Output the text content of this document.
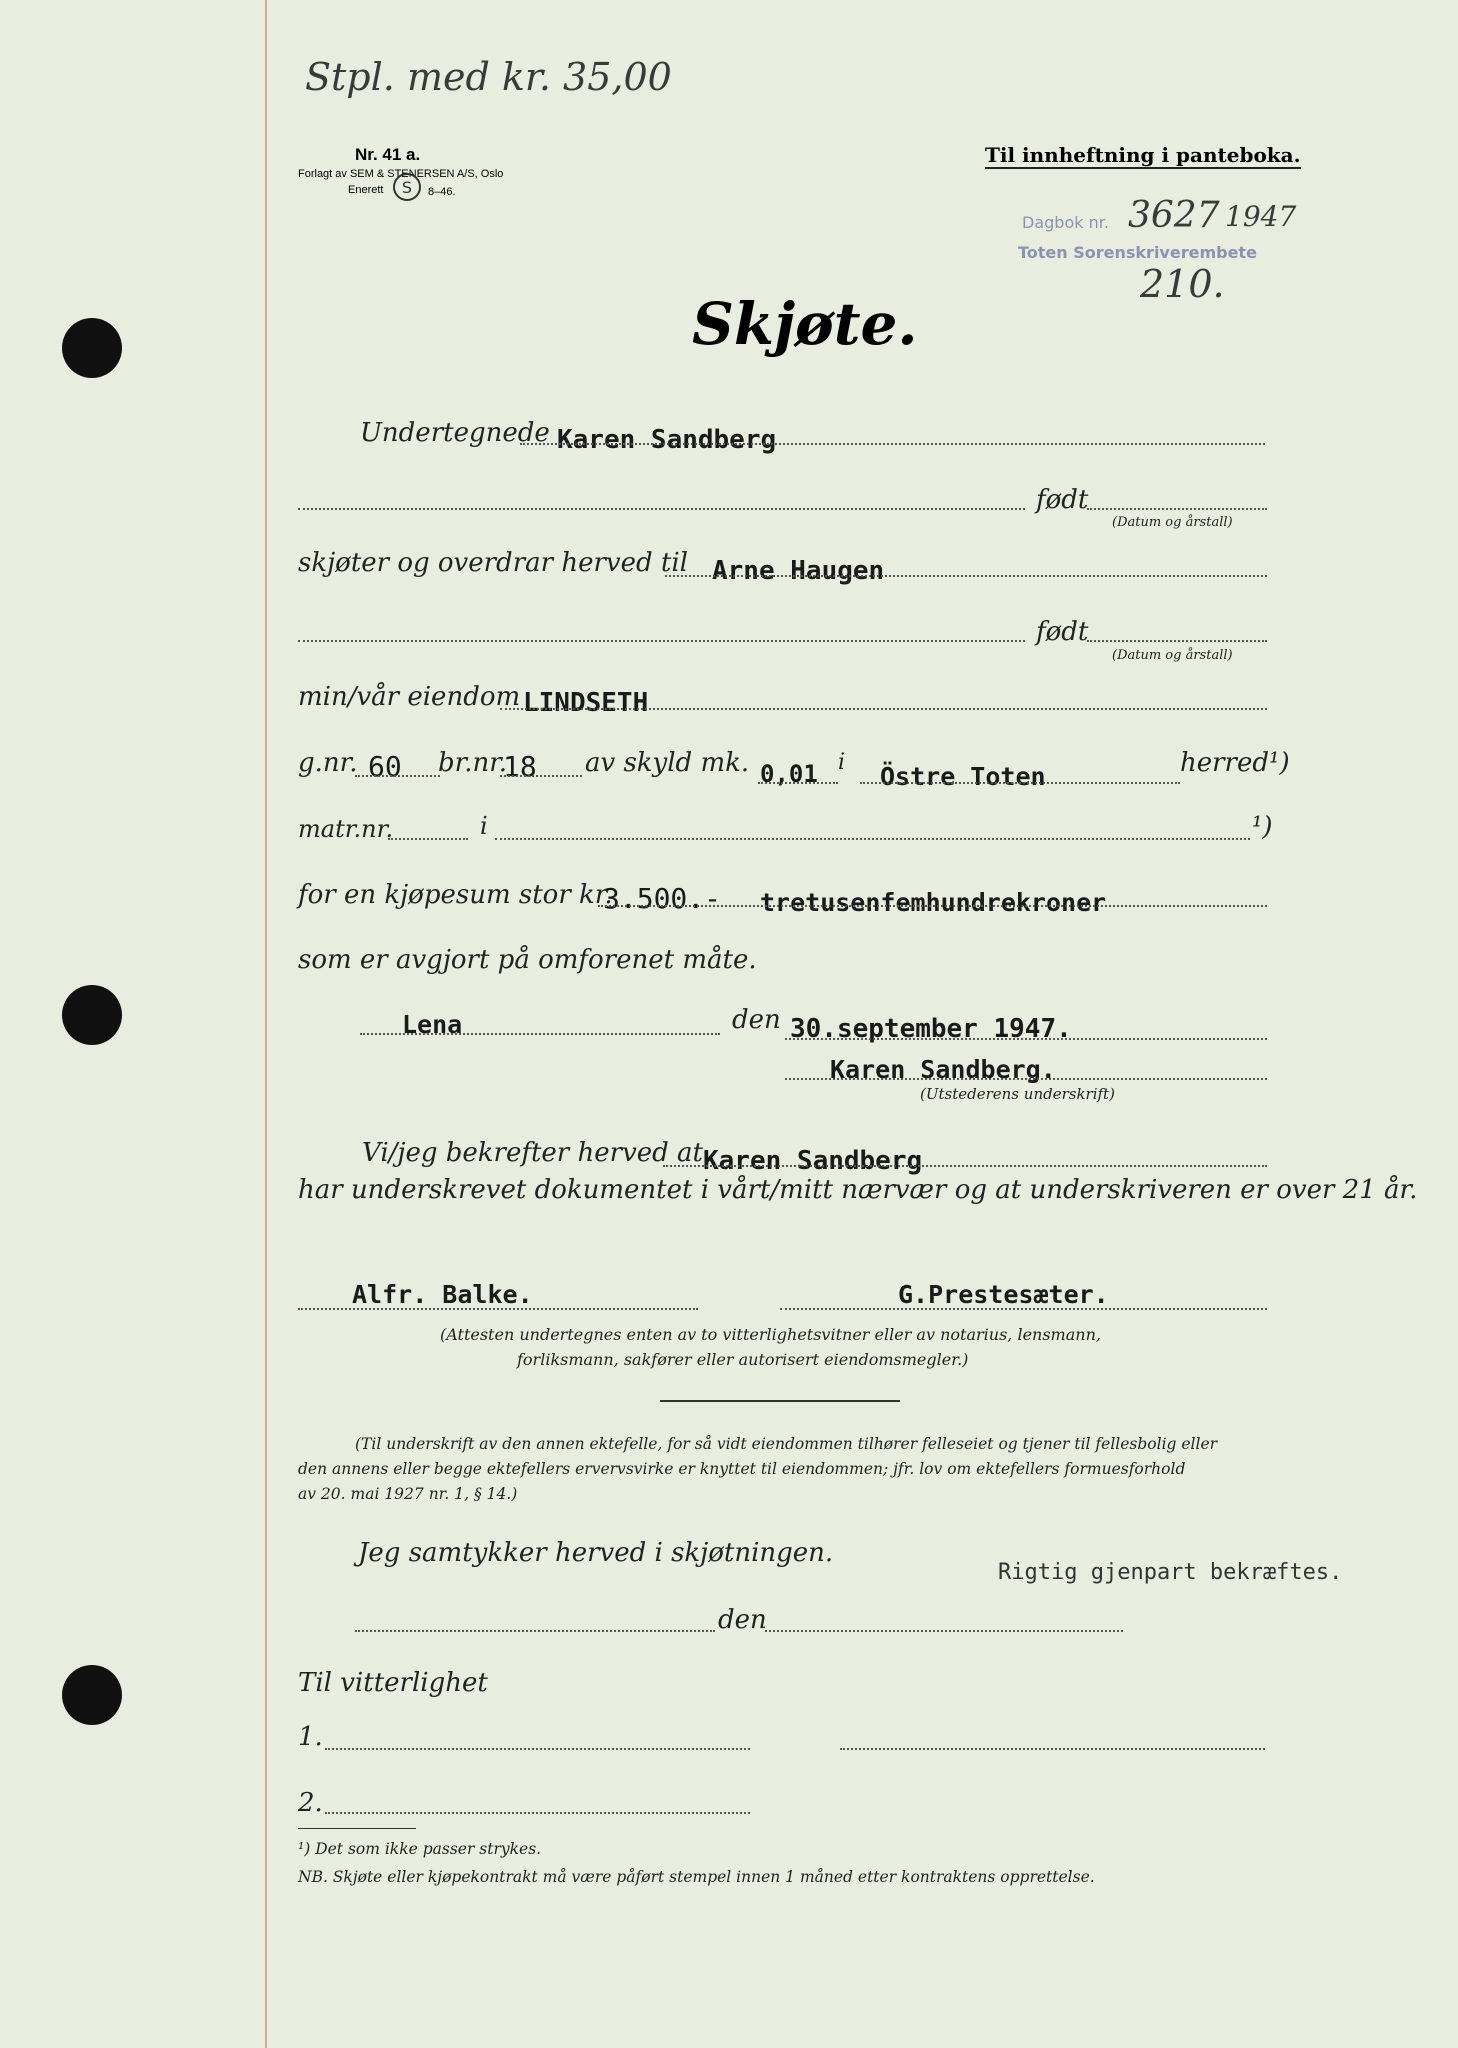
Stpl. med kr. 35,00
Nr. 41 a.
Forlagt av SEM & STENERSEN A/S, Oslo
Enerett S 8–46.
Til innheftning i panteboka.
Dagbok nr. 3627 1947
Toten Sorenskriverembete
210.
Skjøte.
Undertegnede Karen Sandberg
født
(Datum og årstall)
skjøter og overdrar herved til Arne Haugen
født
(Datum og årstall)
min/vår eiendom LINDSETH
g.nr. 60 br.nr.
18 av skyld mk. 0,01 i Östre Toten	herred¹)
matr.nr.	i	¹)
for en kjøpesum stor kr.
3.500.- tretusenfemhundrekroner
som er avgjort på omforenet måte.
Lena	den 30.september 1947.
Karen Sandberg.
(Utstederens underskrift)
Vi/jeg bekrefter herved at Karen Sandberg
har underskrevet dokumentet i vårt/mitt nærvær og at underskriveren er over 21 år.
Alfr. Balke.	G.Prestesæter.
(Attesten undertegnes enten av to vitterlighetsvitner eller av notarius, lensmann,
forliksmann, sakfører eller autorisert eiendomsmegler.)
(Til underskrift av den annen ektefelle, for så vidt eiendommen tilhører felleseiet og tjener til fellesbolig eller
den annens eller begge ektefellers ervervsvirke er knyttet til eiendommen; jfr. lov om ektefellers formuesforhold
av 20. mai 1927 nr. 1, § 14.)
Jeg samtykker herved i skjøtningen.
Rigtig gjenpart bekræftes.
den
Til vitterlighet
1.
2.
¹) Det som ikke passer strykes.
NB. Skjøte eller kjøpekontrakt må være påført stempel innen 1 måned etter kontraktens opprettelse.
